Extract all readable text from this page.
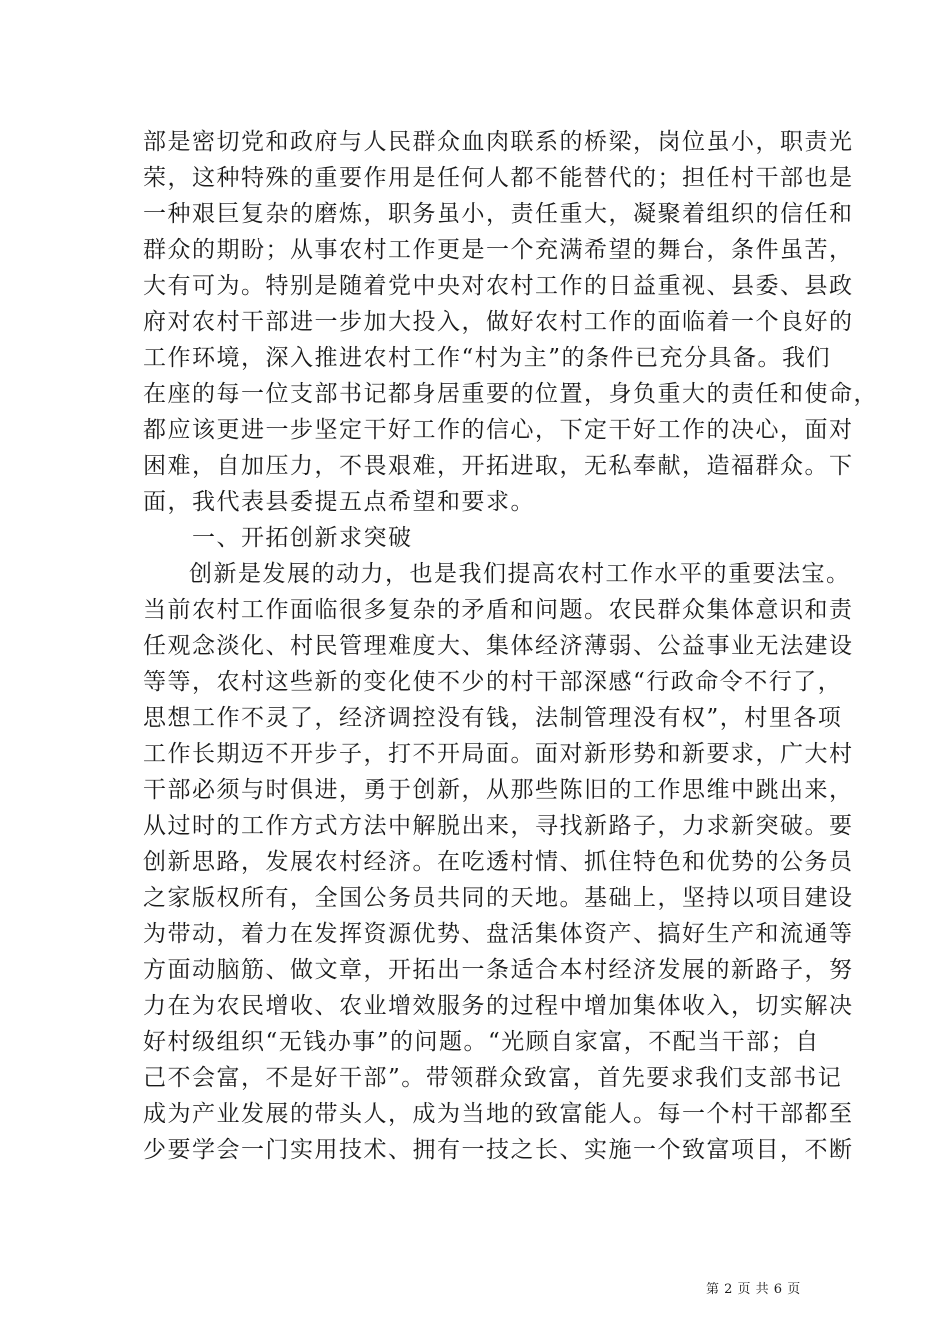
部是密切党和政府与人民群众血肉联系的桥梁，岗位虽小，职责光
荣，这种特殊的重要作用是任何人都不能替代的；担任村干部也是
一种艰巨复杂的磨炼，职务虽小，责任重大，凝聚着组织的信任和
群众的期盼；从事农村工作更是一个充满希望的舞台，条件虽苦，
大有可为。特别是随着党中央对农村工作的日益重视、县委、县政
府对农村干部进一步加大投入，做好农村工作的面临着一个良好的
工作环境，深入推进农村工作“村为主”的条件已充分具备。我们
在座的每一位支部书记都身居重要的位置，身负重大的责任和使命，
都应该更进一步坚定干好工作的信心，下定干好工作的决心，面对
困难，自加压力，不畏艰难，开拓进取，无私奉献，造福群众。下
面，我代表县委提五点希望和要求。
一、开拓创新求突破
创新是发展的动力，也是我们提高农村工作水平的重要法宝。
当前农村工作面临很多复杂的矛盾和问题。农民群众集体意识和责
任观念淡化、村民管理难度大、集体经济薄弱、公益事业无法建设
等等，农村这些新的变化使不少的村干部深感“行政命令不行了，
思想工作不灵了，经济调控没有钱，法制管理没有权”，村里各项
工作长期迈不开步子，打不开局面。面对新形势和新要求，广大村
干部必须与时俱进，勇于创新，从那些陈旧的工作思维中跳出来，
从过时的工作方式方法中解脱出来，寻找新路子，力求新突破。要
创新思路，发展农村经济。在吃透村情、抓住特色和优势的公务员
之家版权所有，全国公务员共同的天地。基础上，坚持以项目建设
为带动，着力在发挥资源优势、盘活集体资产、搞好生产和流通等
方面动脑筋、做文章，开拓出一条适合本村经济发展的新路子，努
力在为农民增收、农业增效服务的过程中增加集体收入，切实解决
好村级组织“无钱办事”的问题。“光顾自家富，不配当干部；自
己不会富，不是好干部”。带领群众致富，首先要求我们支部书记
成为产业发展的带头人，成为当地的致富能人。每一个村干部都至
少要学会一门实用技术、拥有一技之长、实施一个致富项目，不断
第 2 页 共 6 页
